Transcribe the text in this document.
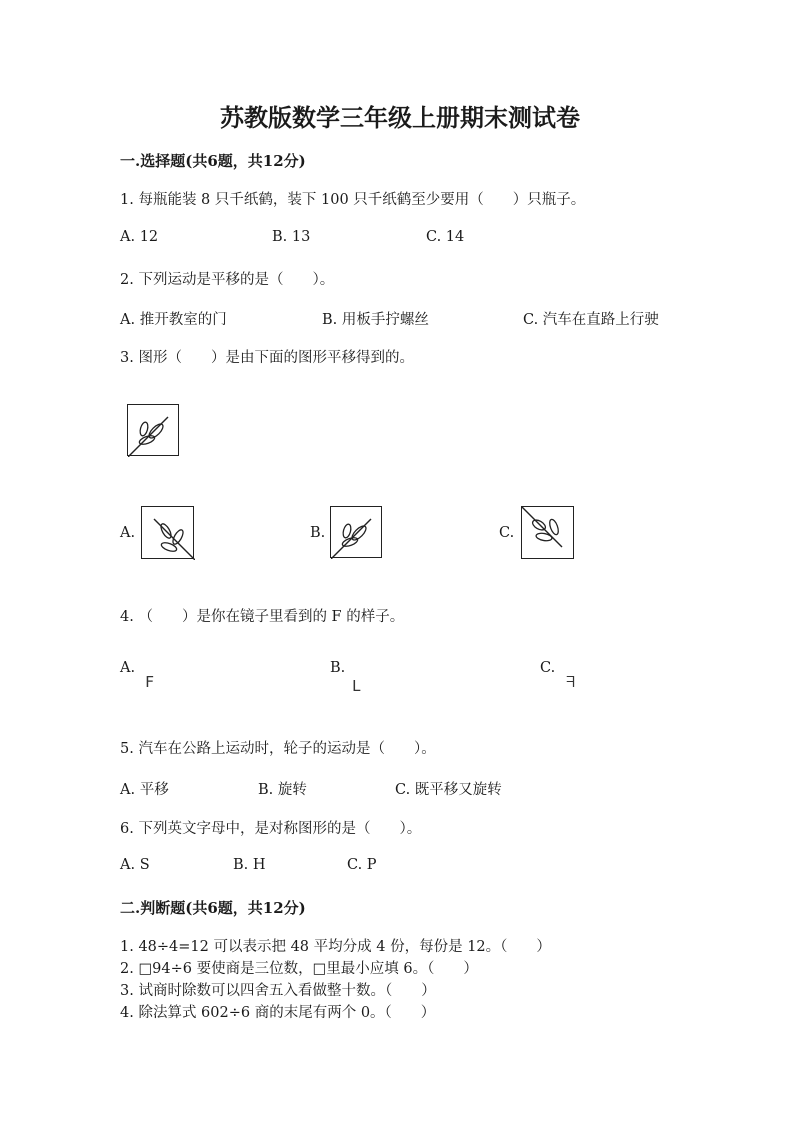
苏教版数学三年级上册期末测试卷
一.选择题(共6题，共12分)
1. 每瓶能装 8 只千纸鹤，装下 100 只千纸鹤至少要用（　　）只瓶子。
A. 12	B. 13	C. 14
2. 下列运动是平移的是（　　）。
A. 推开教室的门	B. 用板手拧螺丝	C. 汽车在直路上行驶
3. 图形（　　）是由下面的图形平移得到的。
A.	B.	C.
4. （　　）是你在镜子里看到的 F 的样子。
A.
F
B.
L
C.
ᖷ
5. 汽车在公路上运动时，轮子的运动是（　　）。
A. 平移	B. 旋转	C. 既平移又旋转
6. 下列英文字母中，是对称图形的是（　　）。
A. S	B. H	C. P
二.判断题(共6题，共12分)
1. 48÷4=12 可以表示把 48 平均分成 4 份，每份是 12。（　　）
2. □94÷6 要使商是三位数，□里最小应填 6。（　　）
3. 试商时除数可以四舍五入看做整十数。（　　）
4. 除法算式 602÷6 商的末尾有两个 0。（　　）
